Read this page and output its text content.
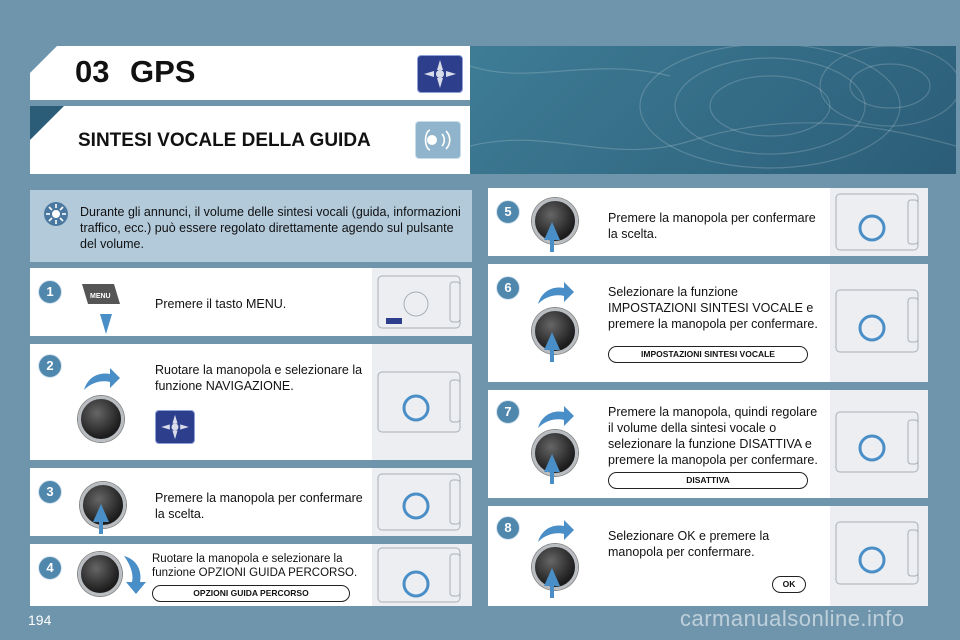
03 GPS
SINTESI VOCALE DELLA GUIDA
Durante gli annunci, il volume delle sintesi vocali (guida, informazioni traffico, ecc.) può essere regolato direttamente agendo sul pulsante del volume.
Premere il tasto MENU.
MENU
1
Ruotare la manopola e selezionare la funzione NAVIGAZIONE.
2
Premere la manopola per confermare la scelta.
3
Ruotare la manopola e selezionare la funzione OPZIONI GUIDA PERCORSO.
OPZIONI GUIDA PERCORSO
4
Premere la manopola per confermare la scelta.
5
Selezionare la funzione IMPOSTAZIONI SINTESI VOCALE e premere la manopola per confermare.
IMPOSTAZIONI SINTESI VOCALE
6
Premere la manopola, quindi regolare il volume della sintesi vocale o selezionare la funzione DISATTIVA e premere la manopola per confermare.
DISATTIVA
7
Selezionare OK e premere la manopola per confermare.
OK
8
194	carmanualsonline.info
